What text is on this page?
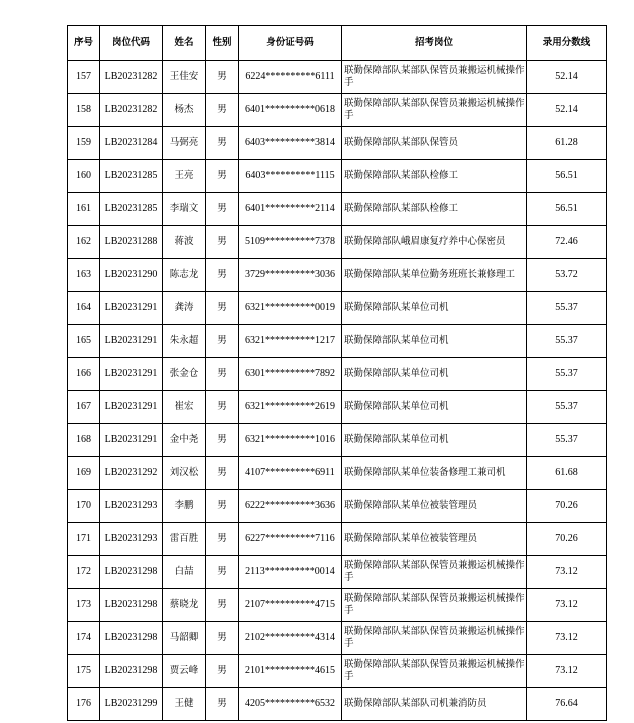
序号	岗位代码	姓名	性别	身份证号码	招考岗位	录用分数线
157	LB20231282	王佳安	男	6224**********6111	联勤保障部队某部队保管员兼搬运机械操作手	52.14
158	LB20231282	杨杰	男	6401**********0618	联勤保障部队某部队保管员兼搬运机械操作手	52.14
159	LB20231284	马弼亮	男	6403**********3814	联勤保障部队某部队保管员	61.28
160	LB20231285	王亮	男	6403**********1115	联勤保障部队某部队检修工	56.51
161	LB20231285	李瑞文	男	6401**********2114	联勤保障部队某部队检修工	56.51
162	LB20231288	蒋波	男	5109**********7378	联勤保障部队峨眉康复疗养中心保密员	72.46
163	LB20231290	陈志龙	男	3729**********3036	联勤保障部队某单位勤务班班长兼修理工	53.72
164	LB20231291	龚涛	男	6321**********0019	联勤保障部队某单位司机	55.37
165	LB20231291	朱永超	男	6321**********1217	联勤保障部队某单位司机	55.37
166	LB20231291	张金仓	男	6301**********7892	联勤保障部队某单位司机	55.37
167	LB20231291	崔宏	男	6321**********2619	联勤保障部队某单位司机	55.37
168	LB20231291	金中尧	男	6321**********1016	联勤保障部队某单位司机	55.37
169	LB20231292	刘汉松	男	4107**********6911	联勤保障部队某单位装备修理工兼司机	61.68
170	LB20231293	李鹏	男	6222**********3636	联勤保障部队某单位被装管理员	70.26
171	LB20231293	雷百胜	男	6227**********7116	联勤保障部队某单位被装管理员	70.26
172	LB20231298	白喆	男	2113**********0014	联勤保障部队某部队保管员兼搬运机械操作手	73.12
173	LB20231298	蔡晓龙	男	2107**********4715	联勤保障部队某部队保管员兼搬运机械操作手	73.12
174	LB20231298	马韶卿	男	2102**********4314	联勤保障部队某部队保管员兼搬运机械操作手	73.12
175	LB20231298	贾云峰	男	2101**********4615	联勤保障部队某部队保管员兼搬运机械操作手	73.12
176	LB20231299	王健	男	4205**********6532	联勤保障部队某部队司机兼消防员	76.64
